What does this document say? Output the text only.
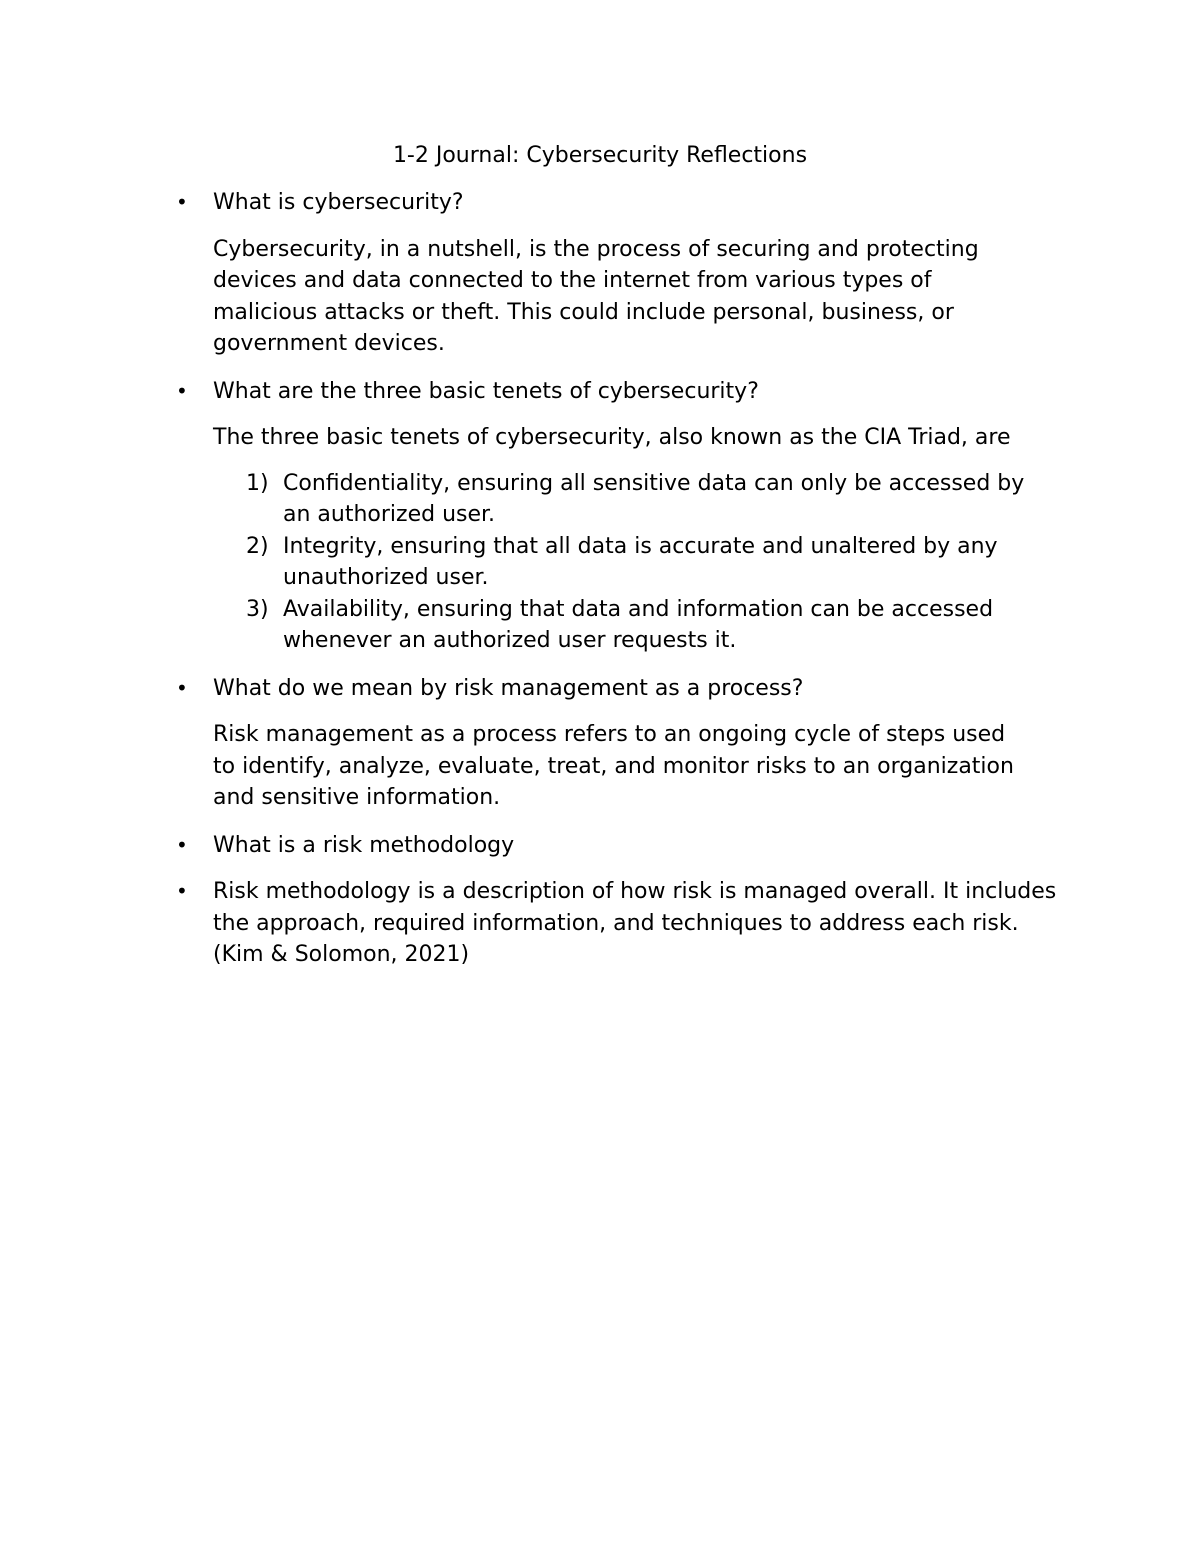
1-2 Journal: Cybersecurity Reflections
• What is cybersecurity?

Cybersecurity, in a nutshell, is the process of securing and protecting devices and data connected to the internet from various types of malicious attacks or theft. This could include personal, business, or government devices.

• What are the three basic tenets of cybersecurity?

The three basic tenets of cybersecurity, also known as the CIA Triad, are

1) Confidentiality, ensuring all sensitive data can only be accessed by an authorized user.
2) Integrity, ensuring that all data is accurate and unaltered by any unauthorized user.
3) Availability, ensuring that data and information can be accessed whenever an authorized user requests it.
• What do we mean by risk management as a process?

Risk management as a process refers to an ongoing cycle of steps used to identify, analyze, evaluate, treat, and monitor risks to an organization and sensitive information.

• What is a risk methodology
• Risk methodology is a description of how risk is managed overall. It includes the approach, required information, and techniques to address each risk. (Kim & Solomon, 2021)
